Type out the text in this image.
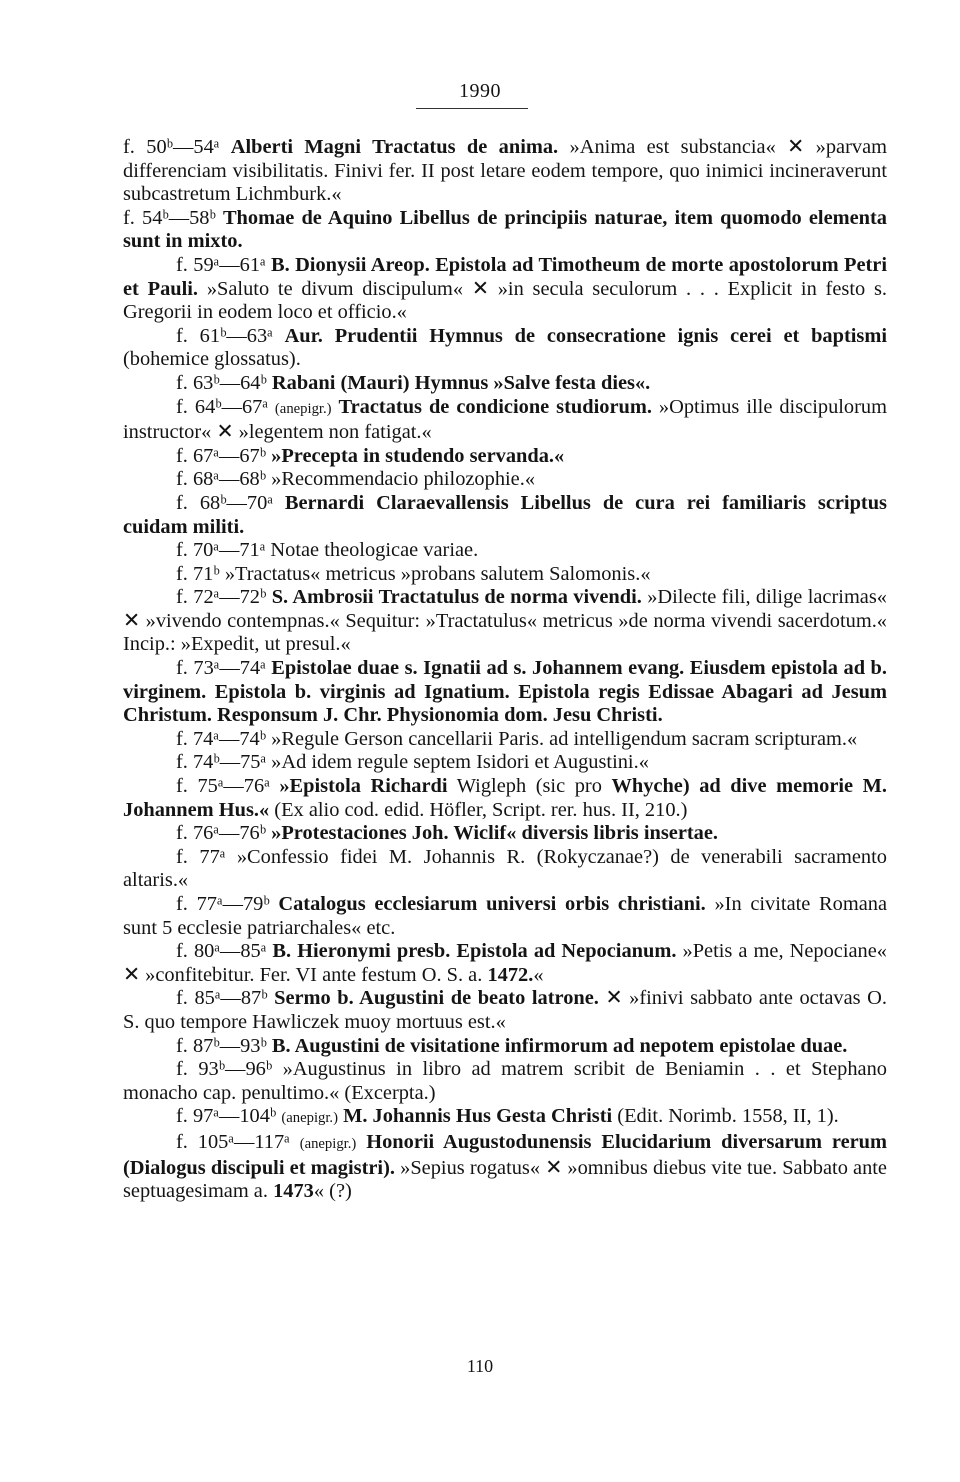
1990

f. 50ᵇ—54ᵃ Alberti Magni Tractatus de anima. »Anima est substancia« ✕ »parvam differenciam visibilitatis. Finivi fer. II post letare eodem tempore, quo inimici incineraverunt subcastretum Lichmburk.«

f. 54ᵇ—58ᵇ Thomae de Aquino Libellus de principiis naturae, item quomodo elementa sunt in mixto.

f. 59ᵃ—61ᵃ B. Dionysii Areop. Epistola ad Timotheum de morte apostolorum Petri et Pauli. »Saluto te divum discipulum« ✕ »in secula seculorum . . . Explicit in festo s. Gregorii in eodem loco et officio.«

f. 61ᵇ—63ᵃ Aur. Prudentii Hymnus de consecratione ignis cerei et baptismi (bohemice glossatus).

f. 63ᵇ—64ᵇ Rabani (Mauri) Hymnus »Salve festa dies«.

f. 64ᵇ—67ᵃ (anepigr.) Tractatus de condicione studiorum. »Optimus ille discipulorum instructor« ✕ »legentem non fatigat.«

f. 67ᵃ—67ᵇ »Precepta in studendo servanda.«

f. 68ᵃ—68ᵇ »Recommendacio philozophie.«

f. 68ᵇ—70ᵃ Bernardi Claraevallensis Libellus de cura rei familiaris scriptus cuidam militi.

f. 70ᵃ—71ᵃ Notae theologicae variae.

f. 71ᵇ »Tractatus« metricus »probans salutem Salomonis.«

f. 72ᵃ—72ᵇ S. Ambrosii Tractatulus de norma vivendi. »Dilecte fili, dilige lacrimas« ✕ »vivendo contempnas.« Sequitur: »Tractatulus« metricus »de norma vivendi sacerdotum.« Incip.: »Expedit, ut presul.«

f. 73ᵃ—74ᵃ Epistolae duae s. Ignatii ad s. Johannem evang. Eiusdem epistola ad b. virginem. Epistola b. virginis ad Ignatium. Epistola regis Edissae Abagari ad Jesum Christum. Responsum J. Chr. Physionomia dom. Jesu Christi.

f. 74ᵃ—74ᵇ »Regule Gerson cancellarii Paris. ad intelligendum sacram scripturam.«

f. 74ᵇ—75ᵃ »Ad idem regule septem Isidori et Augustini.«

f. 75ᵃ—76ᵃ »Epistola Richardi Wigleph (sic pro Whyche) ad dive memorie M. Johannem Hus.« (Ex alio cod. edid. Höfler, Script. rer. hus. II, 210.)

f. 76ᵃ—76ᵇ »Protestaciones Joh. Wiclif« diversis libris insertae.

f. 77ᵃ »Confessio fidei M. Johannis R. (Rokyczanae?) de venerabili sacramento altaris.«

f. 77ᵃ—79ᵇ Catalogus ecclesiarum universi orbis christiani. »In civitate Romana sunt 5 ecclesie patriarchales« etc.

f. 80ᵃ—85ᵃ B. Hieronymi presb. Epistola ad Nepocianum. »Petis a me, Nepociane« ✕ »confitebitur. Fer. VI ante festum O. S. a. 1472.«

f. 85ᵃ—87ᵇ Sermo b. Augustini de beato latrone. ✕ »finivi sabbato ante octavas O. S. quo tempore Hawliczek muoy mortuus est.«

f. 87ᵇ—93ᵇ B. Augustini de visitatione infirmorum ad nepotem epistolae duae.

f. 93ᵇ—96ᵇ »Augustinus in libro ad matrem scribit de Beniamin . . et Stephano monacho cap. penultimo.« (Excerpta.)

f. 97ᵃ—104ᵇ (anepigr.) M. Johannis Hus Gesta Christi (Edit. Norimb. 1558, II, 1).

f. 105ᵃ—117ᵃ (anepigr.) Honorii Augustodunensis Elucidarium diversarum rerum (Dialogus discipuli et magistri). »Sepius rogatus« ✕ »omnibus diebus vite tue. Sabbato ante septuagesimam a. 1473« (?)

110
